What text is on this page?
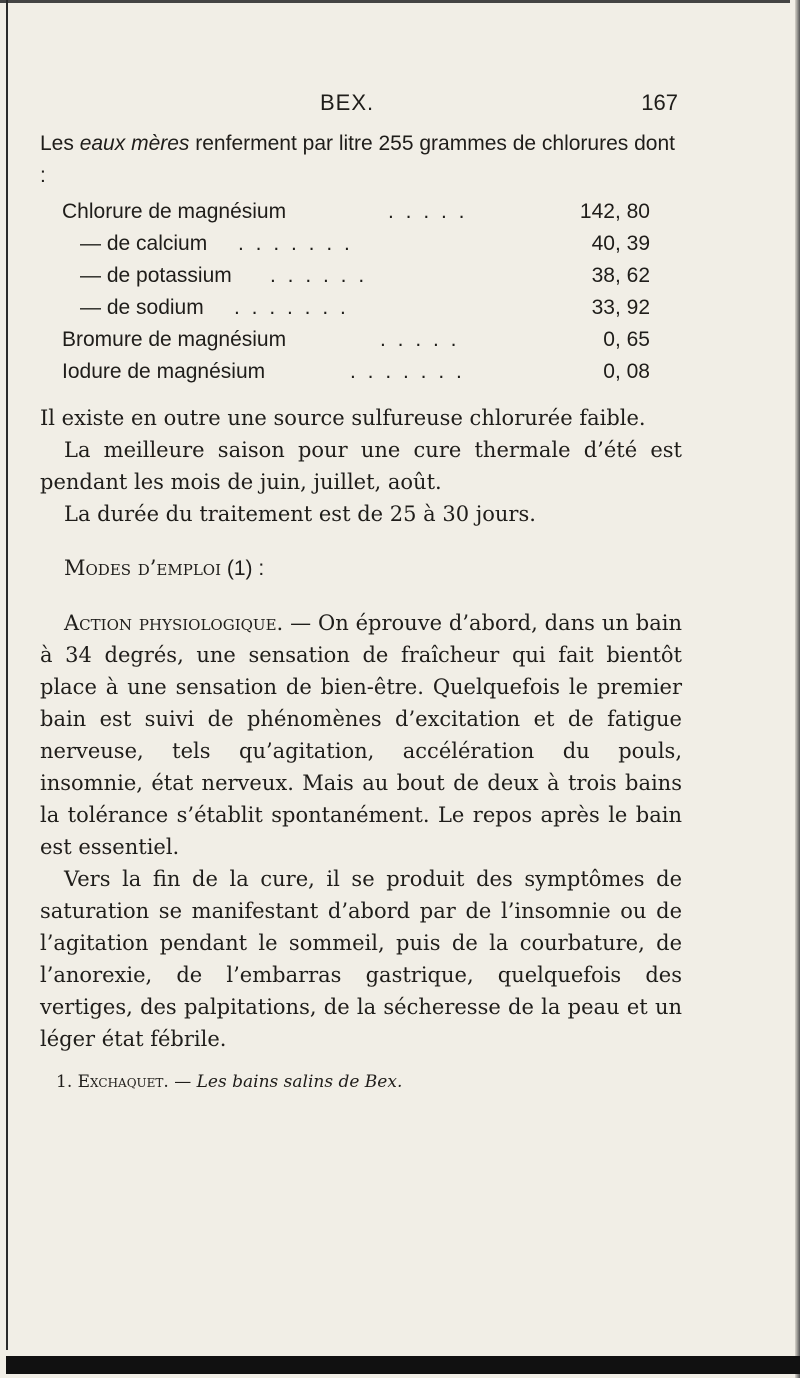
BEX.	167
Les eaux mères renferment par litre 255 grammes de chlorures dont :
Chlorure de magnésium	. . . . .	142, 80
— de calcium . . . . . . .	40, 39
— de potassium . . . . . .	38, 62
— de sodium . . . . . . .	33, 92
Bromure de magnésium	. . . . .	0, 65
Iodure de magnésium	. . . . . . .	0, 08

Il existe en outre une source sulfureuse chlorurée faible.

La meilleure saison pour une cure thermale d’été est pendant les mois de juin, juillet, août.

La durée du traitement est de 25 à 30 jours.

Modes d’emploi (1) :

Action physiologique. — On éprouve d’abord, dans un bain à 34 degrés, une sensation de fraîcheur qui fait bientôt place à une sensation de bien-être. Quelquefois le premier bain est suivi de phénomènes d’excitation et de fatigue nerveuse, tels qu’agitation, accélération du pouls, insomnie, état nerveux. Mais au bout de deux à trois bains la tolérance s’établit spontanément. Le repos après le bain est essentiel.

Vers la fin de la cure, il se produit des symptômes de saturation se manifestant d’abord par de l’insomnie ou de l’agitation pendant le sommeil, puis de la courbature, de l’anorexie, de l’embarras gastrique, quelquefois des vertiges, des palpitations, de la sécheresse de la peau et un léger état fébrile.

1. Exchaquet. — Les bains salins de Bex.
